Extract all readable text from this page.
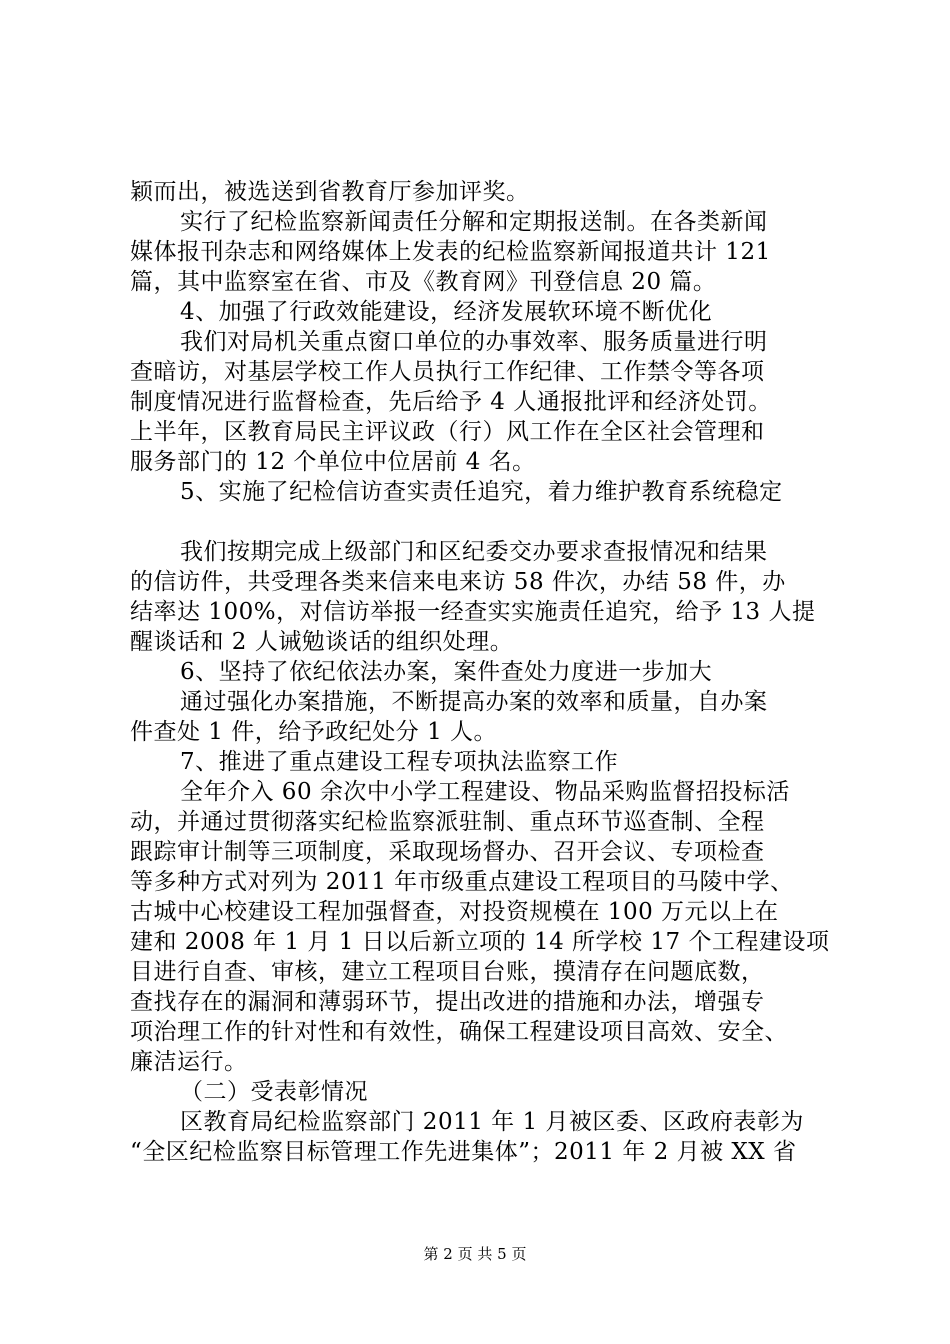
颖而出，被选送到省教育厅参加评奖。
实行了纪检监察新闻责任分解和定期报送制。在各类新闻
媒体报刊杂志和网络媒体上发表的纪检监察新闻报道共计 121
篇，其中监察室在省、市及《教育网》刊登信息 20 篇。
4、加强了行政效能建设，经济发展软环境不断优化
我们对局机关重点窗口单位的办事效率、服务质量进行明
查暗访，对基层学校工作人员执行工作纪律、工作禁令等各项
制度情况进行监督检查，先后给予 4 人通报批评和经济处罚。
上半年，区教育局民主评议政（行）风工作在全区社会管理和
服务部门的 12 个单位中位居前 4 名。
5、实施了纪检信访查实责任追究，着力维护教育系统稳定
我们按期完成上级部门和区纪委交办要求查报情况和结果
的信访件，共受理各类来信来电来访 58 件次，办结 58 件，办
结率达 100%，对信访举报一经查实实施责任追究，给予 13 人提
醒谈话和 2 人诫勉谈话的组织处理。
6、坚持了依纪依法办案，案件查处力度进一步加大
通过强化办案措施，不断提高办案的效率和质量，自办案
件查处 1 件，给予政纪处分 1 人。
7、推进了重点建设工程专项执法监察工作
全年介入 60 余次中小学工程建设、物品采购监督招投标活
动，并通过贯彻落实纪检监察派驻制、重点环节巡查制、全程
跟踪审计制等三项制度，采取现场督办、召开会议、专项检查
等多种方式对列为 2011 年市级重点建设工程项目的马陵中学、
古城中心校建设工程加强督查，对投资规模在 100 万元以上在
建和 2008 年 1 月 1 日以后新立项的 14 所学校 17 个工程建设项
目进行自查、审核，建立工程项目台账，摸清存在问题底数，
查找存在的漏洞和薄弱环节，提出改进的措施和办法，增强专
项治理工作的针对性和有效性，确保工程建设项目高效、安全、
廉洁运行。
（二）受表彰情况
区教育局纪检监察部门 2011 年 1 月被区委、区政府表彰为
“全区纪检监察目标管理工作先进集体”；2011 年 2 月被 XX 省
第 2 页 共 5 页
